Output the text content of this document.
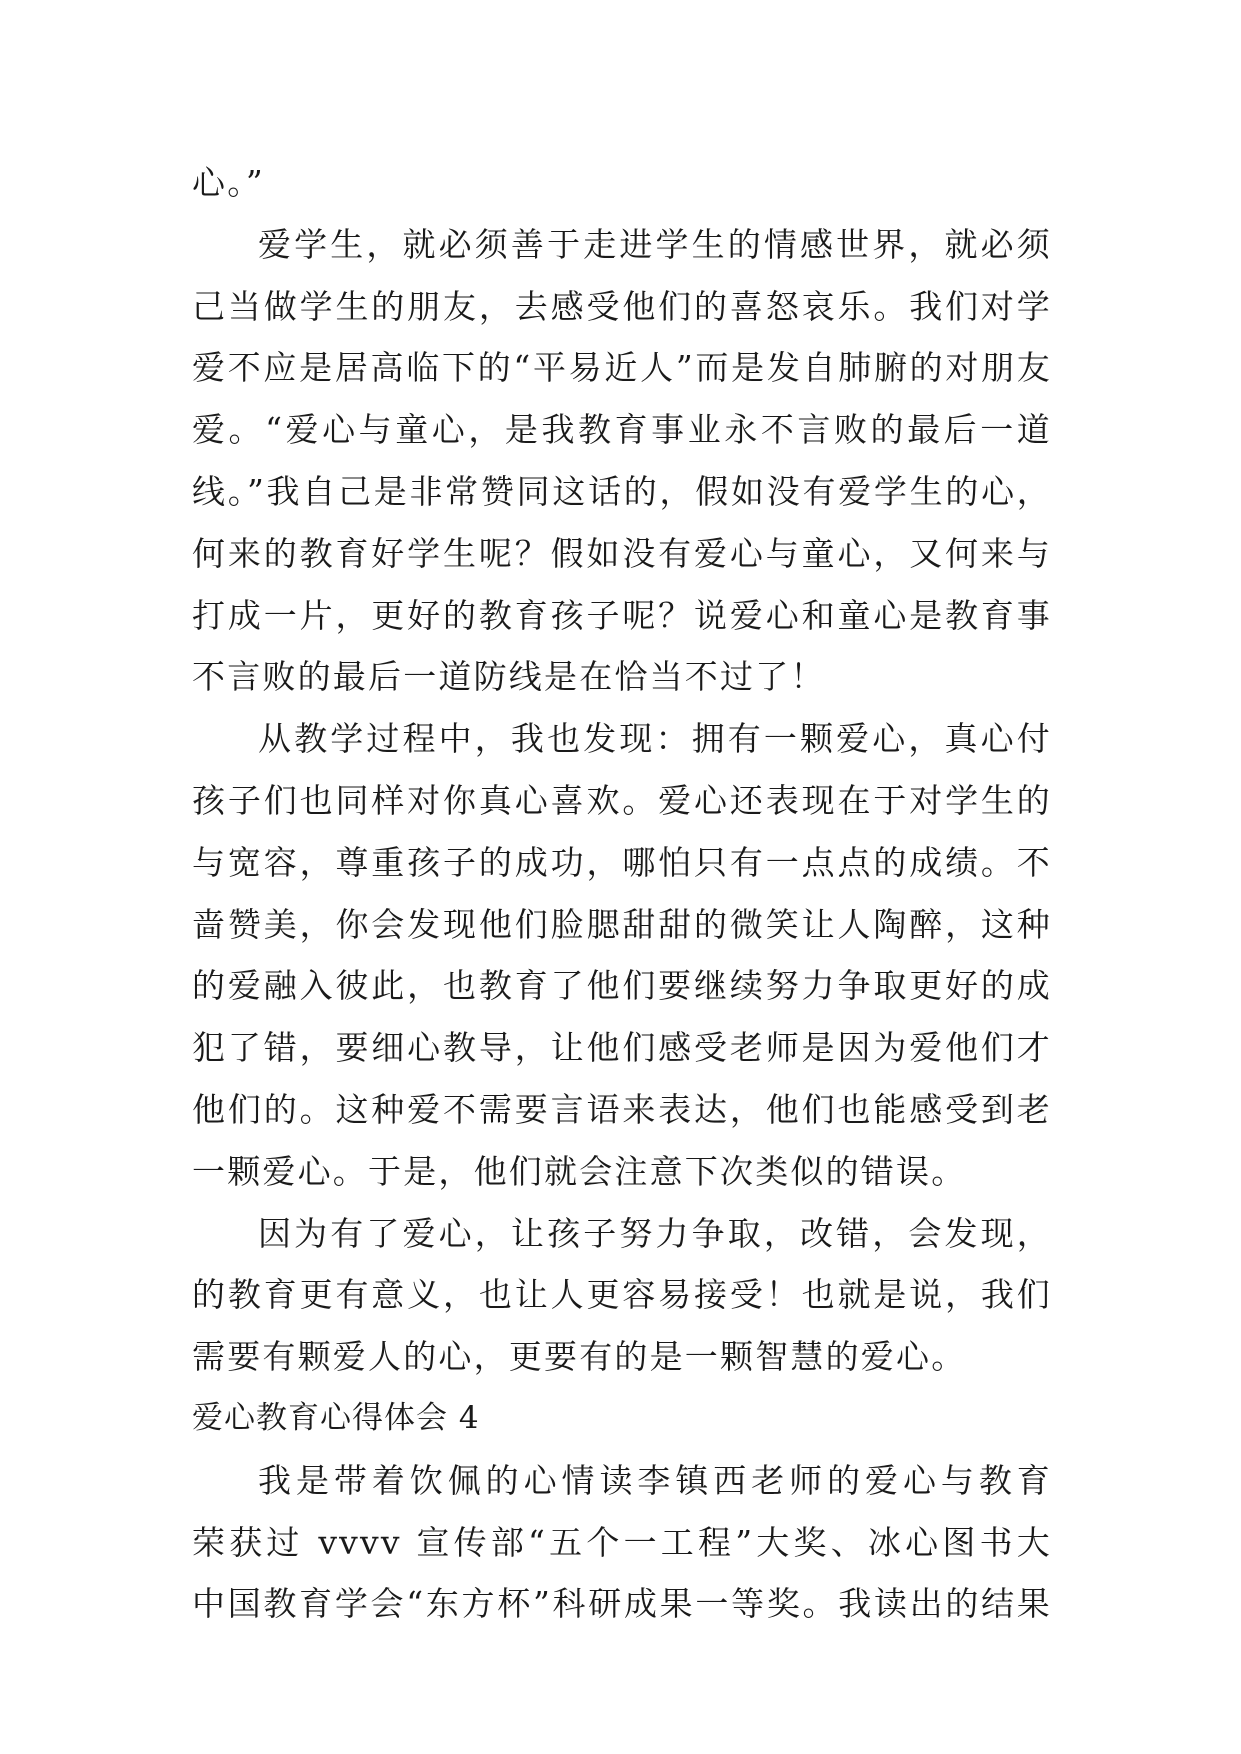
心。”
爱学生，就必须善于走进学生的情感世界，就必须
己当做学生的朋友，去感受他们的喜怒哀乐。我们对学
爱不应是居高临下的“平易近人”而是发自肺腑的对朋友
爱。“爱心与童心，是我教育事业永不言败的最后一道
线。”我自己是非常赞同这话的，假如没有爱学生的心，
何来的教育好学生呢？假如没有爱心与童心，又何来与
打成一片，更好的教育孩子呢？说爱心和童心是教育事
不言败的最后一道防线是在恰当不过了！
从教学过程中，我也发现：拥有一颗爱心，真心付
孩子们也同样对你真心喜欢。爱心还表现在于对学生的
与宽容，尊重孩子的成功，哪怕只有一点点的成绩。不
啬赞美，你会发现他们脸腮甜甜的微笑让人陶醉，这种
的爱融入彼此，也教育了他们要继续努力争取更好的成
犯了错，要细心教导，让他们感受老师是因为爱他们才
他们的。这种爱不需要言语来表达，他们也能感受到老
一颗爱心。于是，他们就会注意下次类似的错误。
因为有了爱心，让孩子努力争取，改错，会发现，
的教育更有意义，也让人更容易接受！也就是说，我们
需要有颗爱人的心，更要有的是一颗智慧的爱心。
爱心教育心得体会 4
我是带着饮佩的心情读李镇西老师的爱心与教育
荣获过 vvvv 宣传部“五个一工程”大奖、冰心图书大
中国教育学会“东方杯”科研成果一等奖。我读出的结果
